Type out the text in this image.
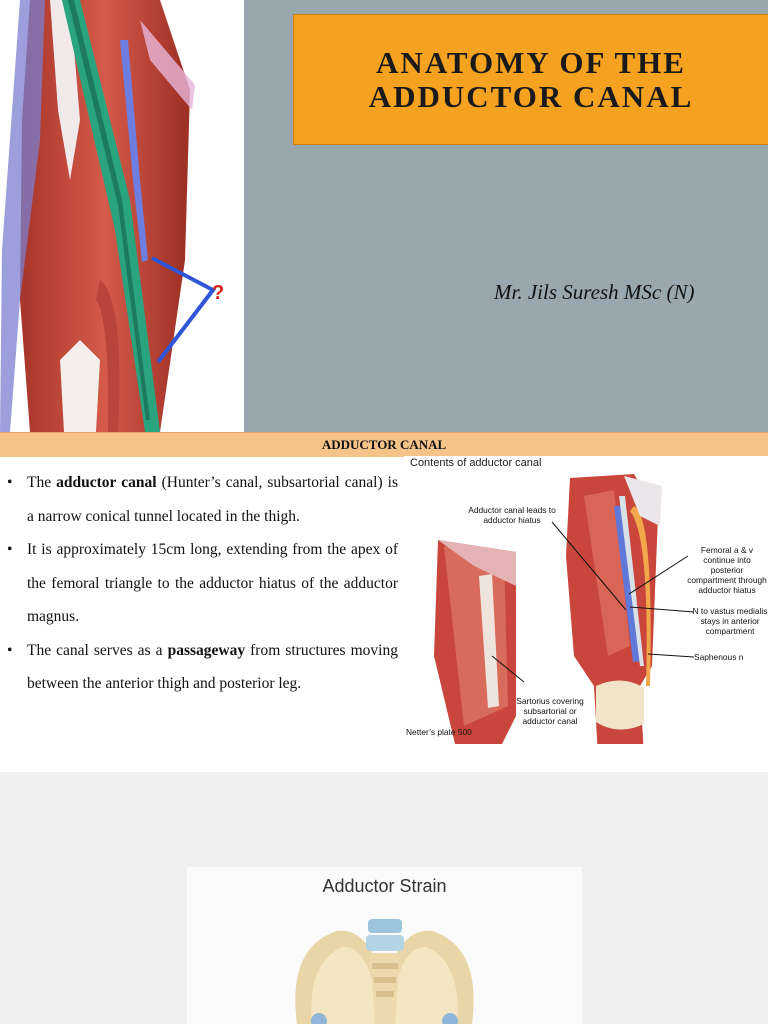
?
ANATOMY OF THE
ADDUCTOR CANAL
Mr. Jils Suresh MSc (N)
ADDUCTOR CANAL
• The adductor canal (Hunter’s canal, subsartorial canal) is a narrow conical tunnel located in the thigh.
• It is approximately 15cm long, extending from the apex of the femoral triangle to the adductor hiatus of the adductor magnus.
• The canal serves as a passageway from structures moving between the anterior thigh and posterior leg.
Contents of adductor canal
Adductor canal leads to adductor hiatus
Femoral a & v continue into posterior compartment through adductor hiatus
N to vastus medialis stays in anterior compartment
Saphenous n
Sartorius covering subsartorial or adductor canal
Netter’s plate 500
Adductor Strain
